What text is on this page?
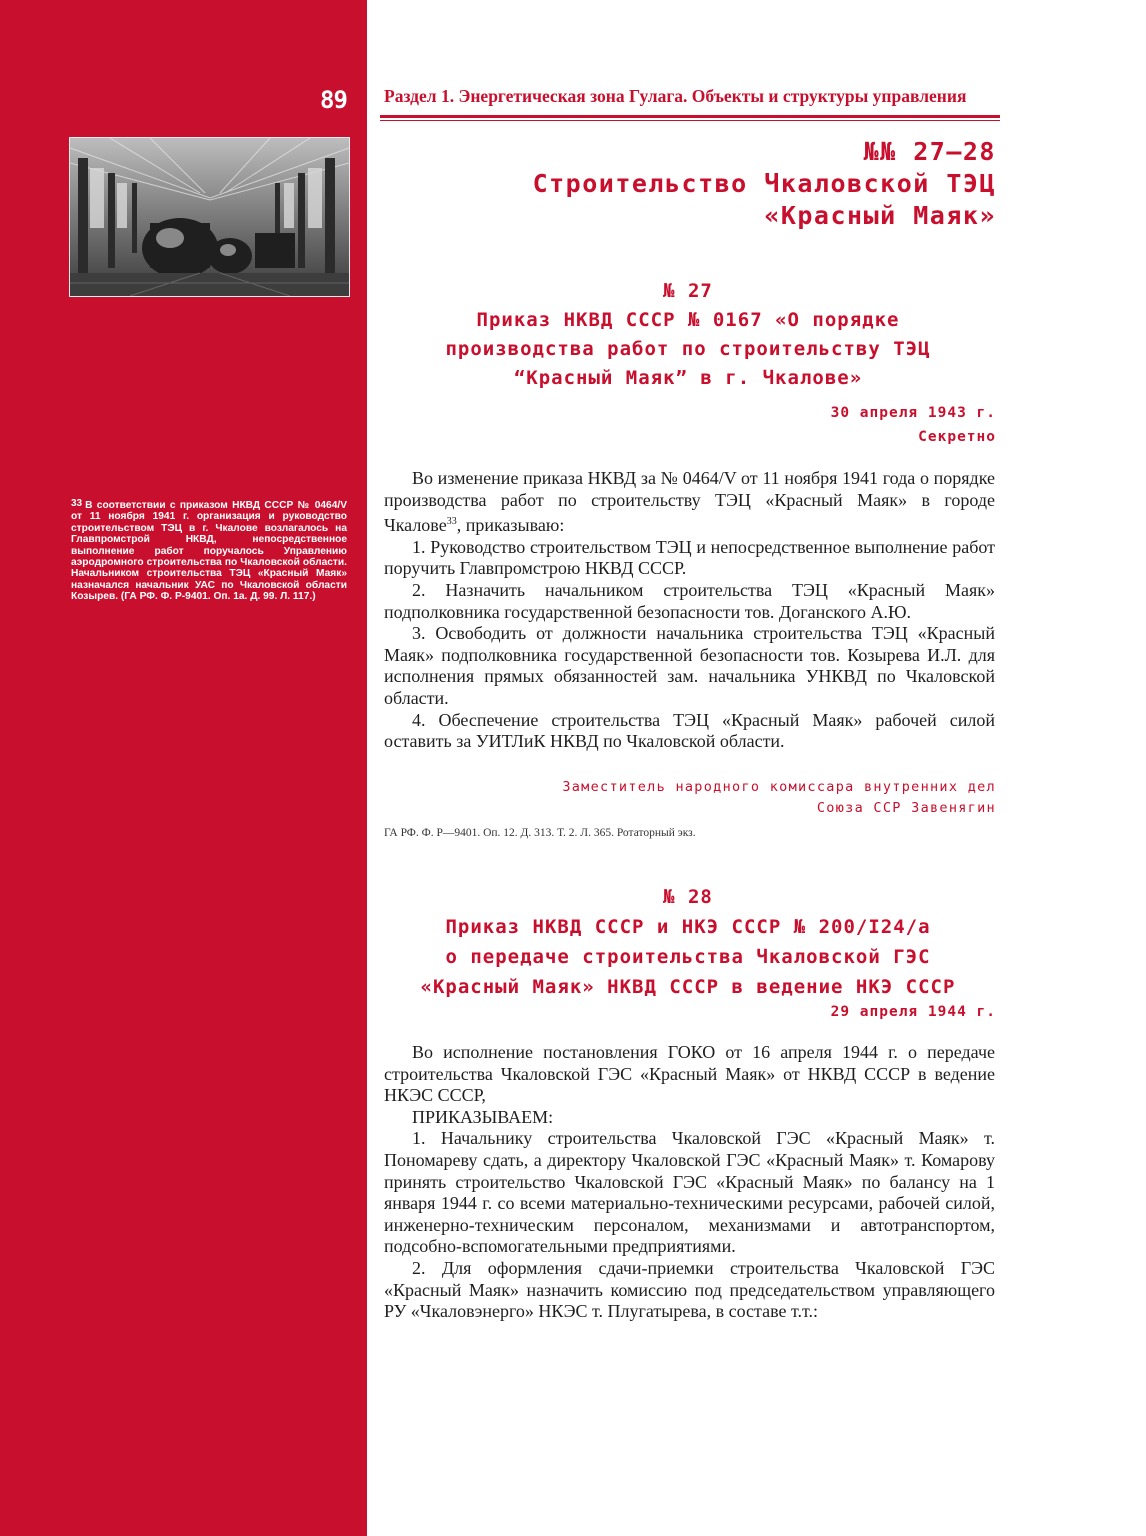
89
$^{33}$ В соответствии с приказом НКВД СССР № 0464/V от 11 ноября 1941 г. организация и руководство строительством ТЭЦ в г. Чкалове возлагалось на Главпромстрой НКВД, непосредственное выполнение работ поручалось Управлению аэродромного строительства по Чкаловской области. Начальником строительства ТЭЦ «Красный Маяк» назначался начальник УАС по Чкаловской области Козырев. (ГА РФ. Ф. Р-9401. Оп. 1а. Д. 99. Л. 117.)
Раздел 1. Энергетическая зона Гулага. Объекты и структуры управления
№№ 27–28
Строительство Чкаловской ТЭЦ
«Красный Маяк»
№ 27
Приказ НКВД СССР № 0167 «О порядке
производства работ по строительству ТЭЦ
“Красный Маяк” в г. Чкалове»
30 апреля 1943 г.
Секретно

Во изменение приказа НКВД за № 0464/V от 11 ноября 1941 года о порядке производства работ по строительству ТЭЦ «Красный Маяк» в городе Чкалове$^{33}$, приказываю:

1. Руководство строительством ТЭЦ и непосредственное выполнение работ поручить Главпромстрою НКВД СССР.

2. Назначить начальником строительства ТЭЦ «Красный Маяк» подполковника государственной безопасности тов. Доганского А.Ю.

3. Освободить от должности начальника строительства ТЭЦ «Красный Маяк» подполковника государственной безопасности тов. Козырева И.Л. для исполнения прямых обязанностей зам. начальника УНКВД по Чкаловской области.

4. Обеспечение строительства ТЭЦ «Красный Маяк» рабочей силой оставить за УИТЛиК НКВД по Чкаловской области.

Заместитель народного комиссара внутренних дел
Союза ССР Завенягин
ГА РФ. Ф. Р—9401. Оп. 12. Д. 313. Т. 2. Л. 365. Ротаторный экз.
№ 28
Приказ НКВД СССР и НКЭ СССР № 200/I24/а
о передаче строительства Чкаловской ГЭС
«Красный Маяк» НКВД СССР в ведение НКЭ СССР
29 апреля 1944 г.

Во исполнение постановления ГОКО от 16 апреля 1944 г. о передаче строительства Чкаловской ГЭС «Красный Маяк» от НКВД СССР в ведение НКЭС СССР,

ПРИКАЗЫВАЕМ:

1. Начальнику строительства Чкаловской ГЭС «Красный Маяк» т. Пономареву сдать, а директору Чкаловской ГЭС «Красный Маяк» т. Комарову принять строительство Чкаловской ГЭС «Красный Маяк» по балансу на 1 января 1944 г. со всеми материально-техническими ресурсами, рабочей силой, инженерно-техническим персоналом, механизмами и автотранспортом, подсобно-вспомогательными предприятиями.

2. Для оформления сдачи-приемки строительства Чкаловской ГЭС «Красный Маяк» назначить комиссию под председательством управляющего РУ «Чкаловэнерго» НКЭС т. Плугатырева, в составе т.т.:
